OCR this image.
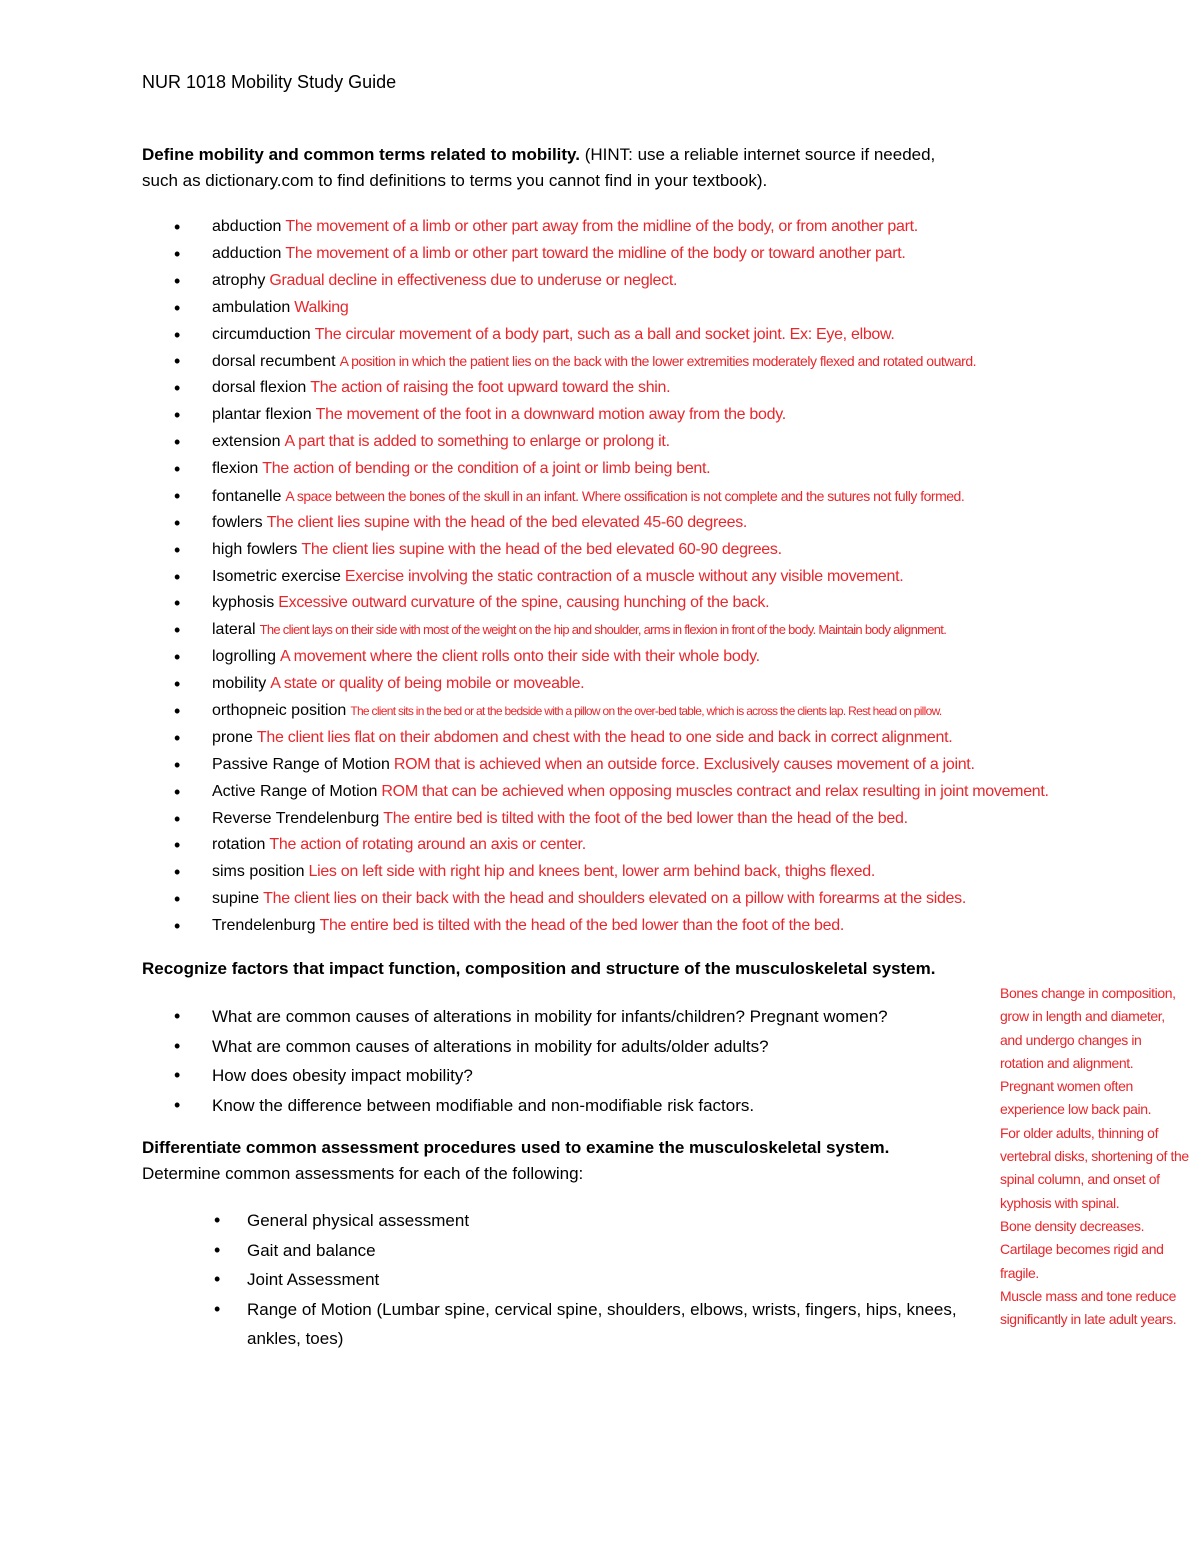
NUR 1018 Mobility Study Guide
Define mobility and common terms related to mobility. (HINT: use a reliable internet source if needed,
such as dictionary.com to find definitions to terms you cannot find in your textbook).
• abduction The movement of a limb or other part away from the midline of the body, or from another part.
• adduction The movement of a limb or other part toward the midline of the body or toward another part.
• atrophy Gradual decline in effectiveness due to underuse or neglect.
• ambulation Walking
• circumduction The circular movement of a body part, such as a ball and socket joint. Ex: Eye, elbow.
• dorsal recumbent A position in which the patient lies on the back with the lower extremities moderately flexed and rotated outward.
• dorsal flexion The action of raising the foot upward toward the shin.
• plantar flexion The movement of the foot in a downward motion away from the body.
• extension A part that is added to something to enlarge or prolong it.
• flexion The action of bending or the condition of a joint or limb being bent.
• fontanelle A space between the bones of the skull in an infant. Where ossification is not complete and the sutures not fully formed.
• fowlers The client lies supine with the head of the bed elevated 45-60 degrees.
• high fowlers The client lies supine with the head of the bed elevated 60-90 degrees.
• Isometric exercise Exercise involving the static contraction of a muscle without any visible movement.
• kyphosis Excessive outward curvature of the spine, causing hunching of the back.
• lateral The client lays on their side with most of the weight on the hip and shoulder, arms in flexion in front of the body. Maintain body alignment.
• logrolling A movement where the client rolls onto their side with their whole body.
• mobility A state or quality of being mobile or moveable.
• orthopneic position The client sits in the bed or at the bedside with a pillow on the over-bed table, which is across the clients lap. Rest head on pillow.
• prone The client lies flat on their abdomen and chest with the head to one side and back in correct alignment.
• Passive Range of Motion ROM that is achieved when an outside force. Exclusively causes movement of a joint.
• Active Range of Motion ROM that can be achieved when opposing muscles contract and relax resulting in joint movement.
• Reverse Trendelenburg The entire bed is tilted with the foot of the bed lower than the head of the bed.
• rotation The action of rotating around an axis or center.
• sims position Lies on left side with right hip and knees bent, lower arm behind back, thighs flexed.
• supine The client lies on their back with the head and shoulders elevated on a pillow with forearms at the sides.
• Trendelenburg The entire bed is tilted with the head of the bed lower than the foot of the bed.
Recognize factors that impact function, composition and structure of the musculoskeletal system.
• What are common causes of alterations in mobility for infants/children? Pregnant women?
• What are common causes of alterations in mobility for adults/older adults?
• How does obesity impact mobility?
• Know the difference between modifiable and non-modifiable risk factors.
Differentiate common assessment procedures used to examine the musculoskeletal system.
Determine common assessments for each of the following:
• General physical assessment
• Gait and balance
• Joint Assessment
• Range of Motion (Lumbar spine, cervical spine, shoulders, elbows, wrists, fingers, hips, knees, ankles, toes)
Bones change in composition,
grow in length and diameter,
and undergo changes in
rotation and alignment.
Pregnant women often
experience low back pain.
For older adults, thinning of
vertebral disks, shortening of the
spinal column, and onset of
kyphosis with spinal.
Bone density decreases.
Cartilage becomes rigid and
fragile.
Muscle mass and tone reduce
significantly in late adult years.
